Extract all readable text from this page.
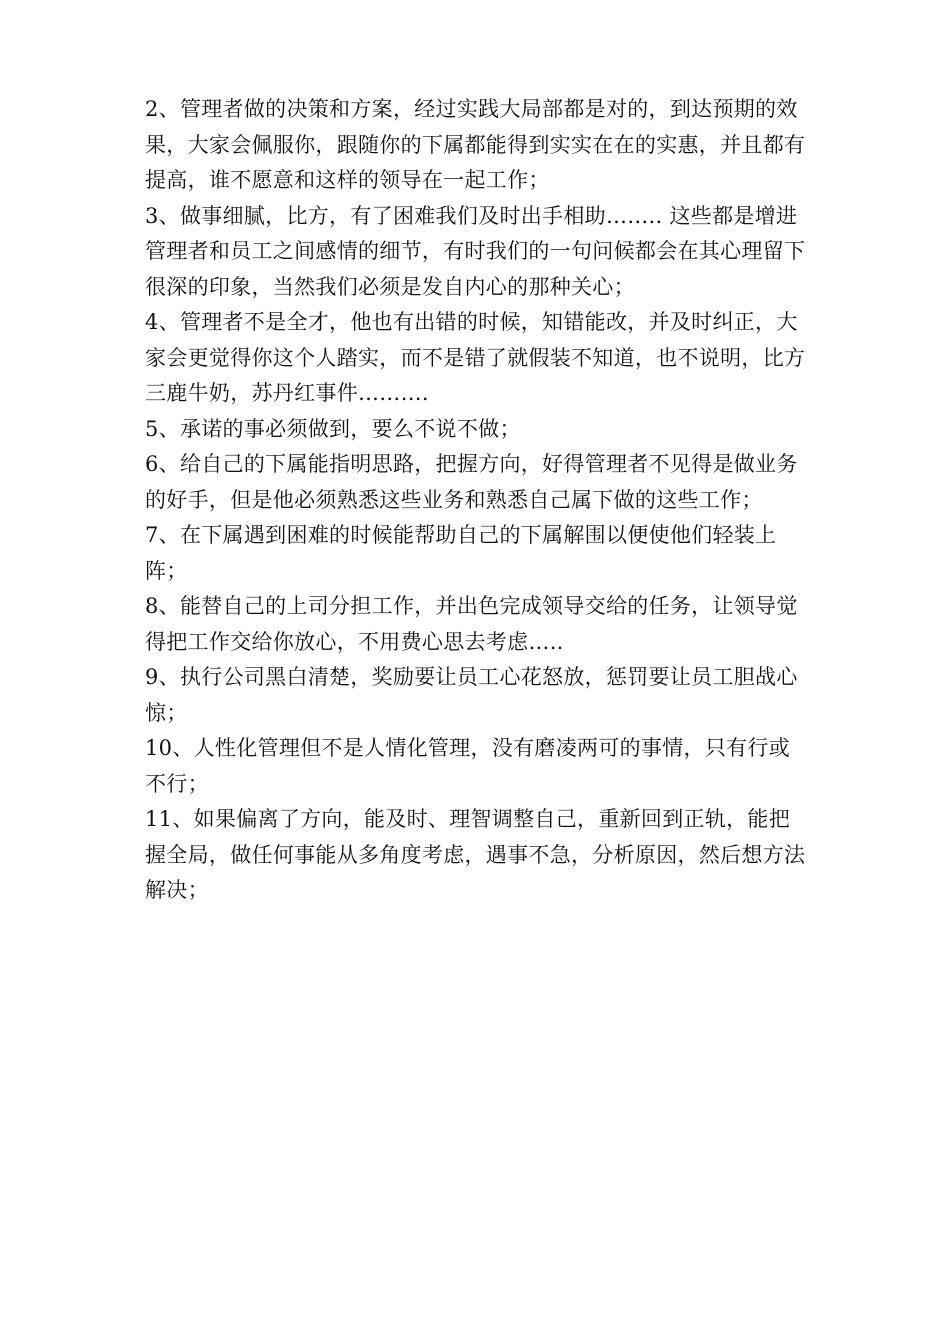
2、管理者做的决策和方案，经过实践大局部都是对的，到达预期的效果，大家会佩服你，跟随你的下属都能得到实实在在的实惠，并且都有提高，谁不愿意和这样的领导在一起工作；

3、做事细腻，比方，有了困难我们及时出手相助…….. 这些都是增进管理者和员工之间感情的细节，有时我们的一句问候都会在其心理留下很深的印象，当然我们必须是发自内心的那种关心；

4、管理者不是全才，他也有出错的时候，知错能改，并及时纠正，大家会更觉得你这个人踏实，而不是错了就假装不知道，也不说明，比方三鹿牛奶，苏丹红事件……….

5、承诺的事必须做到，要么不说不做；

6、给自己的下属能指明思路，把握方向，好得管理者不见得是做业务的好手，但是他必须熟悉这些业务和熟悉自己属下做的这些工作；

7、在下属遇到困难的时候能帮助自己的下属解围以便使他们轻装上阵；

8、能替自己的上司分担工作，并出色完成领导交给的任务，让领导觉得把工作交给你放心，不用费心思去考虑…..

9、执行公司黑白清楚，奖励要让员工心花怒放，惩罚要让员工胆战心惊；

10、人性化管理但不是人情化管理，没有磨凌两可的事情，只有行或不行；

11、如果偏离了方向，能及时、理智调整自己，重新回到正轨，能把握全局，做任何事能从多角度考虑，遇事不急，分析原因，然后想方法解决；
